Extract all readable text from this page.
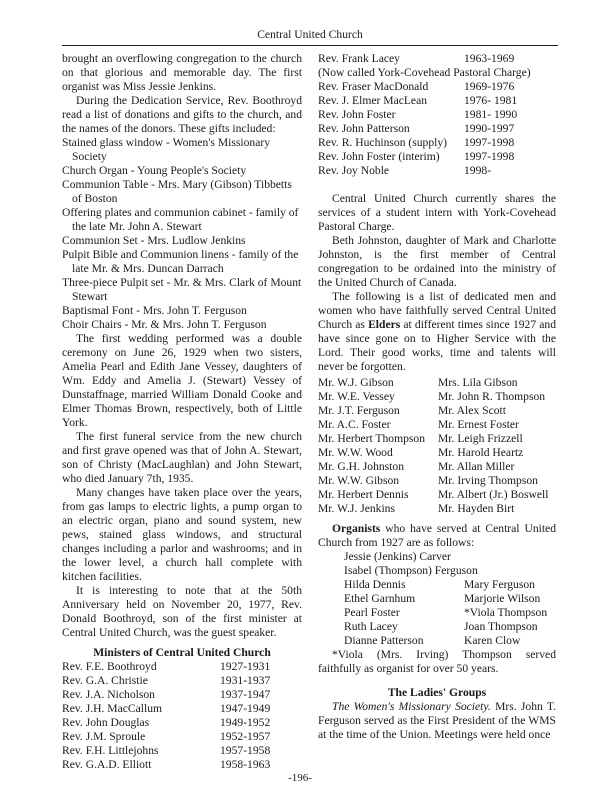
Central United Church

brought an overflowing congregation to the church on that glorious and memorable day. The first organist was Miss Jessie Jenkins.

During the Dedication Service, Rev. Boothroyd read a list of donations and gifts to the church, and the names of the donors. These gifts included:

Stained glass window - Women's Missionary Society

Church Organ - Young People's Society

Communion Table - Mrs. Mary (Gibson) Tibbetts of Boston

Offering plates and communion cabinet - family of the late Mr. John A. Stewart

Communion Set - Mrs. Ludlow Jenkins

Pulpit Bible and Communion linens - family of the late Mr. & Mrs. Duncan Darrach

Three-piece Pulpit set - Mr. & Mrs. Clark of Mount Stewart

Baptismal Font - Mrs. John T. Ferguson

Choir Chairs - Mr. & Mrs. John T. Ferguson

The first wedding performed was a double ceremony on June 26, 1929 when two sisters, Amelia Pearl and Edith Jane Vessey, daughters of Wm. Eddy and Amelia J. (Stewart) Vessey of Dunstaffnage, married William Donald Cooke and Elmer Thomas Brown, respectively, both of Little York.

The first funeral service from the new church and first grave opened was that of John A. Stewart, son of Christy (MacLaughlan) and John Stewart, who died January 7th, 1935.

Many changes have taken place over the years, from gas lamps to electric lights, a pump organ to an electric organ, piano and sound system, new pews, stained glass windows, and structural changes including a parlor and washrooms; and in the lower level, a church hall complete with kitchen facilities.

It is interesting to note that at the 50th Anniversary held on November 20, 1977, Rev. Donald Boothroyd, son of the first minister at Central United Church, was the guest speaker.

Ministers of Central United Church

Rev. F.E. Boothroyd	1927-1931
Rev. G.A. Christie	1931-1937
Rev. J.A. Nicholson	1937-1947
Rev. J.H. MacCallum	1947-1949
Rev. John Douglas	1949-1952
Rev. J.M. Sproule	1952-1957
Rev. F.H. Littlejohns	1957-1958
Rev. G.A.D. Elliott	1958-1963
Rev. Frank Lacey	1963-1969

(Now called York-Covehead Pastoral Charge)

Rev. Fraser MacDonald	1969-1976
Rev. J. Elmer MacLean	1976- 1981
Rev. John Foster	1981- 1990
Rev. John Patterson	1990-1997
Rev. R. Huchinson (supply)	1997-1998
Rev. John Foster (interim)	1997-1998
Rev. Joy Noble	1998-

Central United Church currently shares the services of a student intern with York-Covehead Pastoral Charge.

Beth Johnston, daughter of Mark and Charlotte Johnston, is the first member of Central congregation to be ordained into the ministry of the United Church of Canada.

The following is a list of dedicated men and women who have faithfully served Central United Church as Elders at different times since 1927 and have since gone on to Higher Service with the Lord. Their good works, time and talents will never be forgotten.

Mr. W.J. Gibson	Mrs. Lila Gibson
Mr. W.E. Vessey	Mr. John R. Thompson
Mr. J.T. Ferguson	Mr. Alex Scott
Mr. A.C. Foster	Mr. Ernest Foster
Mr. Herbert Thompson	Mr. Leigh Frizzell
Mr. W.W. Wood	Mr. Harold Heartz
Mr. G.H. Johnston	Mr. Allan Miller
Mr. W.W. Gibson	Mr. Irving Thompson
Mr. Herbert Dennis	Mr. Albert (Jr.) Boswell
Mr. W.J. Jenkins	Mr. Hayden Birt

Organists who have served at Central United Church from 1927 are as follows:

Jessie (Jenkins) Carver

Isabel (Thompson) Ferguson

Hilda Dennis	Mary Ferguson
Ethel Garnhum	Marjorie Wilson
Pearl Foster	*Viola Thompson
Ruth Lacey	Joan Thompson
Dianne Patterson	Karen Clow

*Viola (Mrs. Irving) Thompson served faithfully as organist for over 50 years.

The Ladies' Groups

The Women's Missionary Society. Mrs. John T. Ferguson served as the First President of the WMS at the time of the Union. Meetings were held once

-196-
